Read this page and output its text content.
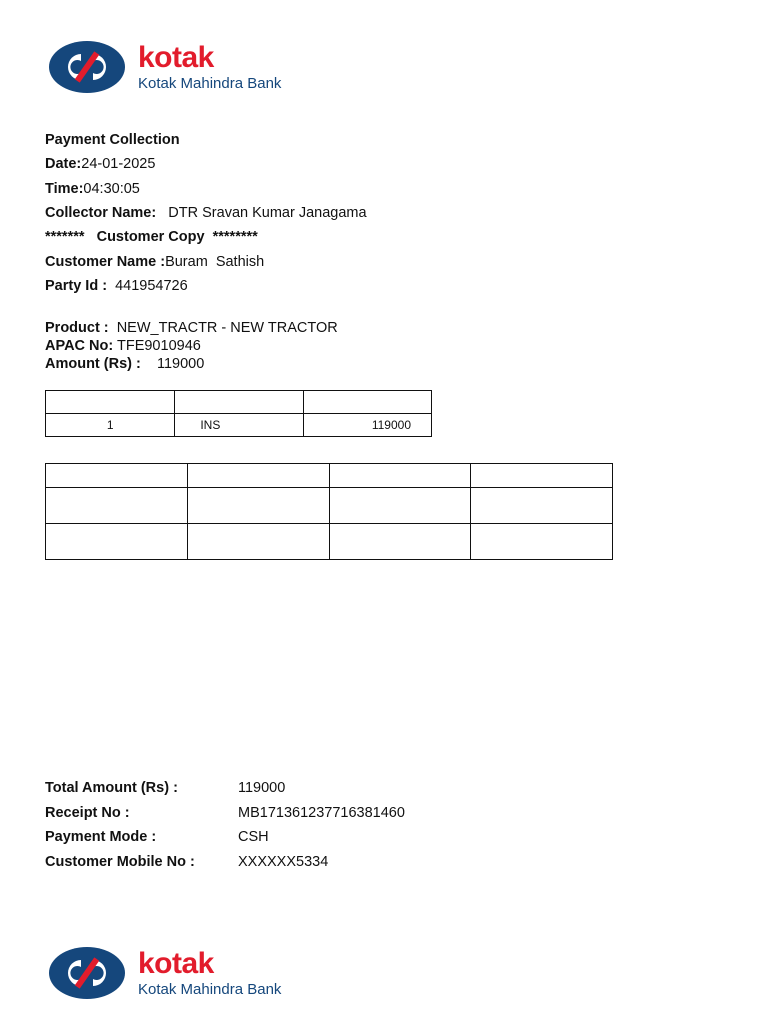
kotak
Kotak Mahindra Bank
Payment Collection
Date:24-01-2025
Time:04:30:05
Collector Name: DTR Sravan Kumar Janagama
******* Customer Copy ********
Customer Name :Buram  Sathish
Party Id : 441954726
Product : NEW_TRACTR - NEW TRACTOR
APAC No: TFE9010946
Amount (Rs) : 119000

1	INS	119000

Total Amount (Rs) :	119000
Receipt No :	MB171361237716381460
Payment Mode :	CSH
Customer Mobile No :	XXXXXX5334
kotak
Kotak Mahindra Bank
